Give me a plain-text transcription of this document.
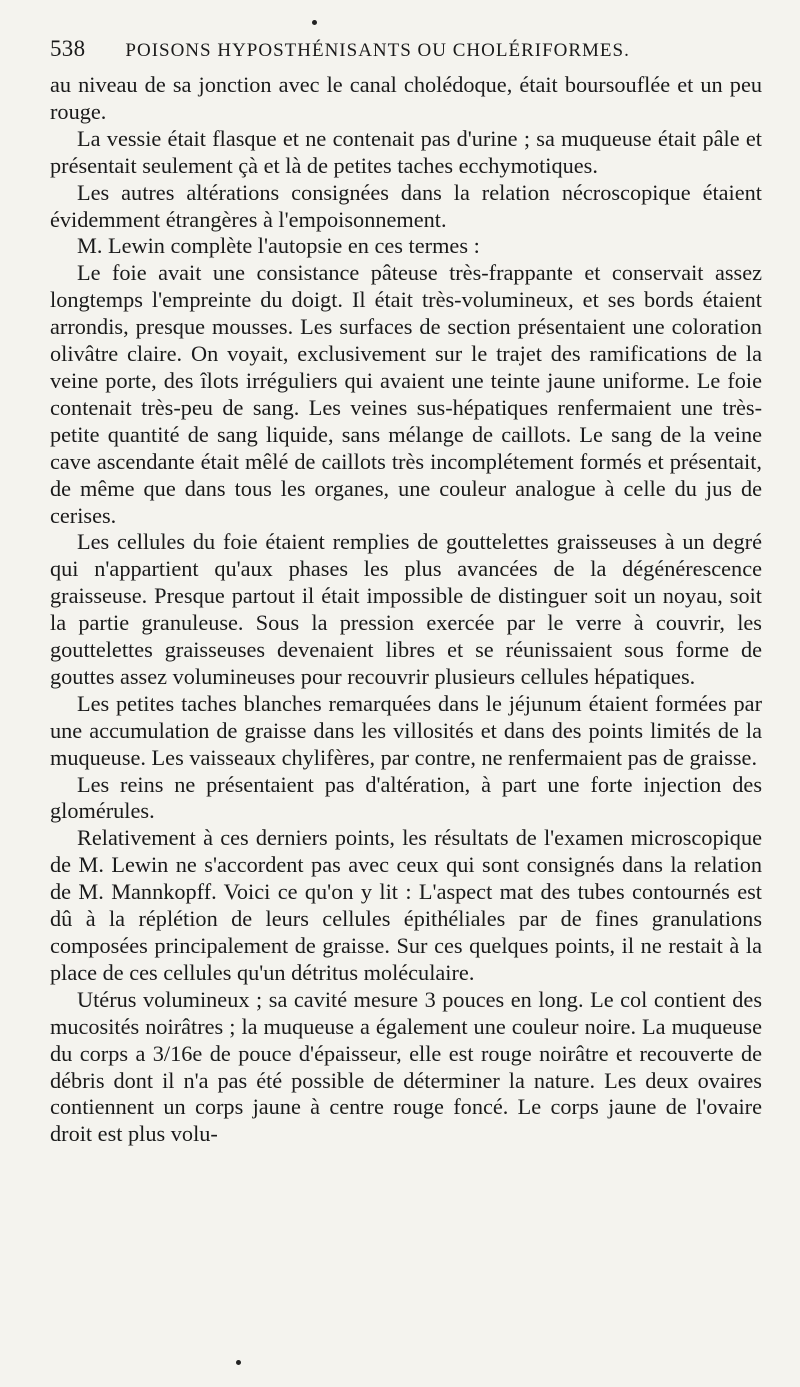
538 POISONS HYPOSTHÉNISANTS OU CHOLÉRIFORMES.

au niveau de sa jonction avec le canal cholédoque, était boursouflée et un peu rouge.

La vessie était flasque et ne contenait pas d'urine ; sa muqueuse était pâle et présentait seulement çà et là de petites taches ecchymotiques.

Les autres altérations consignées dans la relation nécroscopique étaient évidemment étrangères à l'empoisonnement.

M. Lewin complète l'autopsie en ces termes :

Le foie avait une consistance pâteuse très-frappante et conservait assez longtemps l'empreinte du doigt. Il était très-volumineux, et ses bords étaient arrondis, presque mousses. Les surfaces de section présentaient une coloration olivâtre claire. On voyait, exclusivement sur le trajet des ramifications de la veine porte, des îlots irréguliers qui avaient une teinte jaune uniforme. Le foie contenait très-peu de sang. Les veines sus-hépatiques renfermaient une très-petite quantité de sang liquide, sans mélange de caillots. Le sang de la veine cave ascendante était mêlé de caillots très incomplétement formés et présentait, de même que dans tous les organes, une couleur analogue à celle du jus de cerises.

Les cellules du foie étaient remplies de gouttelettes graisseuses à un degré qui n'appartient qu'aux phases les plus avancées de la dégénérescence graisseuse. Presque partout il était impossible de distinguer soit un noyau, soit la partie granuleuse. Sous la pression exercée par le verre à couvrir, les gouttelettes graisseuses devenaient libres et se réunissaient sous forme de gouttes assez volumineuses pour recouvrir plusieurs cellules hépatiques.

Les petites taches blanches remarquées dans le jéjunum étaient formées par une accumulation de graisse dans les villosités et dans des points limités de la muqueuse. Les vaisseaux chylifères, par contre, ne renfermaient pas de graisse.

Les reins ne présentaient pas d'altération, à part une forte injection des glomérules.

Relativement à ces derniers points, les résultats de l'examen microscopique de M. Lewin ne s'accordent pas avec ceux qui sont consignés dans la relation de M. Mannkopff. Voici ce qu'on y lit : L'aspect mat des tubes contournés est dû à la réplétion de leurs cellules épithéliales par de fines granulations composées principalement de graisse. Sur ces quelques points, il ne restait à la place de ces cellules qu'un détritus moléculaire.

Utérus volumineux ; sa cavité mesure 3 pouces en long. Le col contient des mucosités noirâtres ; la muqueuse a également une couleur noire. La muqueuse du corps a 3/16e de pouce d'épaisseur, elle est rouge noirâtre et recouverte de débris dont il n'a pas été possible de déterminer la nature. Les deux ovaires contiennent un corps jaune à centre rouge foncé. Le corps jaune de l'ovaire droit est plus volu-
